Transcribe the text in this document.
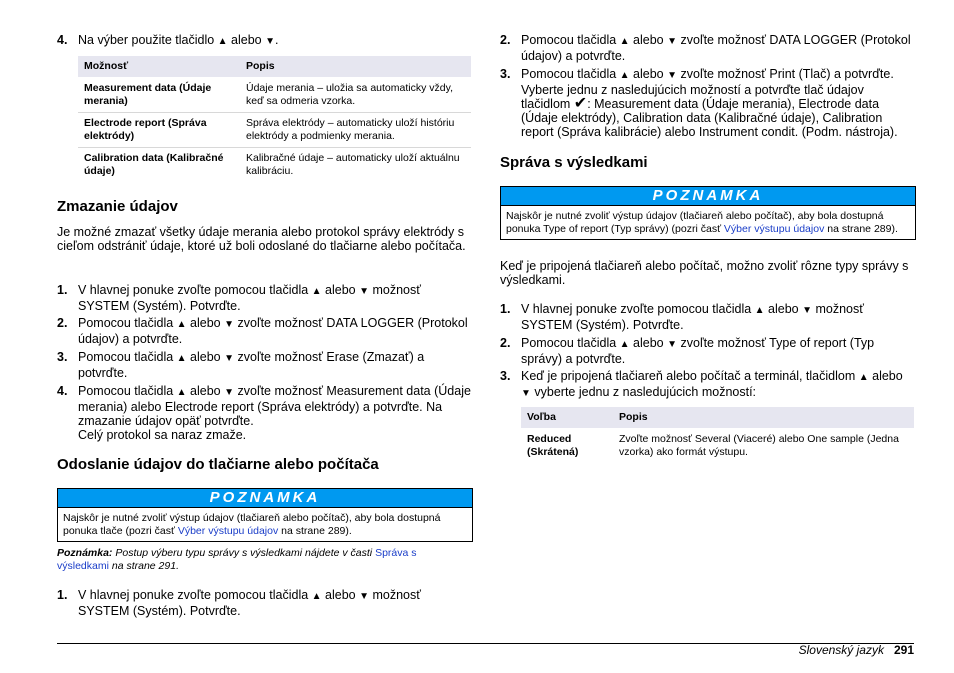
4. Na výber použite tlačidlo ▲ alebo ▼.
Možnosť	Popis
Measurement data (Údaje merania)	Údaje merania – uložia sa automaticky vždy, keď sa odmeria vzorka.
Electrode report (Správa elektródy)	Správa elektródy – automaticky uloží históriu elektródy a podmienky merania.
Calibration data (Kalibračné údaje)	Kalibračné údaje – automaticky uloží aktuálnu kalibráciu.
Zmazanie údajov
Je možné zmazať všetky údaje merania alebo protokol správy elektródy s cieľom odstrániť údaje, ktoré už boli odoslané do tlačiarne alebo počítača.
1. V hlavnej ponuke zvoľte pomocou tlačidla ▲ alebo ▼ možnosť SYSTEM (Systém). Potvrďte.
2. Pomocou tlačidla ▲ alebo ▼ zvoľte možnosť DATA LOGGER (Protokol údajov) a potvrďte.
3. Pomocou tlačidla ▲ alebo ▼ zvoľte možnosť Erase (Zmazať) a potvrďte.
4. Pomocou tlačidla ▲ alebo ▼ zvoľte možnosť Measurement data (Údaje merania) alebo Electrode report (Správa elektródy) a potvrďte. Na zmazanie údajov opäť potvrďte.
Celý protokol sa naraz zmaže.
Odoslanie údajov do tlačiarne alebo počítača
POZNAMKA
Najskôr je nutné zvoliť výstup údajov (tlačiareň alebo počítač), aby bola dostupná ponuka tlače (pozri časť Výber výstupu údajov na strane 289).
Poznámka: Postup výberu typu správy s výsledkami nájdete v časti Správa s výsledkami na strane 291.
1. V hlavnej ponuke zvoľte pomocou tlačidla ▲ alebo ▼ možnosť SYSTEM (Systém). Potvrďte.
2. Pomocou tlačidla ▲ alebo ▼ zvoľte možnosť DATA LOGGER (Protokol údajov) a potvrďte.
3. Pomocou tlačidla ▲ alebo ▼ zvoľte možnosť Print (Tlač) a potvrďte. Vyberte jednu z nasledujúcich možností a potvrďte tlač údajov tlačidlom ✔: Measurement data (Údaje merania), Electrode data (Údaje elektródy), Calibration data (Kalibračné údaje), Calibration report (Správa kalibrácie) alebo Instrument condit. (Podm. nástroja).
Správa s výsledkami
POZNAMKA
Najskôr je nutné zvoliť výstup údajov (tlačiareň alebo počítač), aby bola dostupná ponuka Type of report (Typ správy) (pozri časť Výber výstupu údajov na strane 289).
Keď je pripojená tlačiareň alebo počítač, možno zvoliť rôzne typy správy s výsledkami.
1. V hlavnej ponuke zvoľte pomocou tlačidla ▲ alebo ▼ možnosť SYSTEM (Systém). Potvrďte.
2. Pomocou tlačidla ▲ alebo ▼ zvoľte možnosť Type of report (Typ správy) a potvrďte.
3. Keď je pripojená tlačiareň alebo počítač a terminál, tlačidlom ▲ alebo ▼ vyberte jednu z nasledujúcich možností:
Voľba	Popis
Reduced (Skrátená)	Zvoľte možnosť Several (Viaceré) alebo One sample (Jedna vzorka) ako formát výstupu.
Slovenský jazyk 291
